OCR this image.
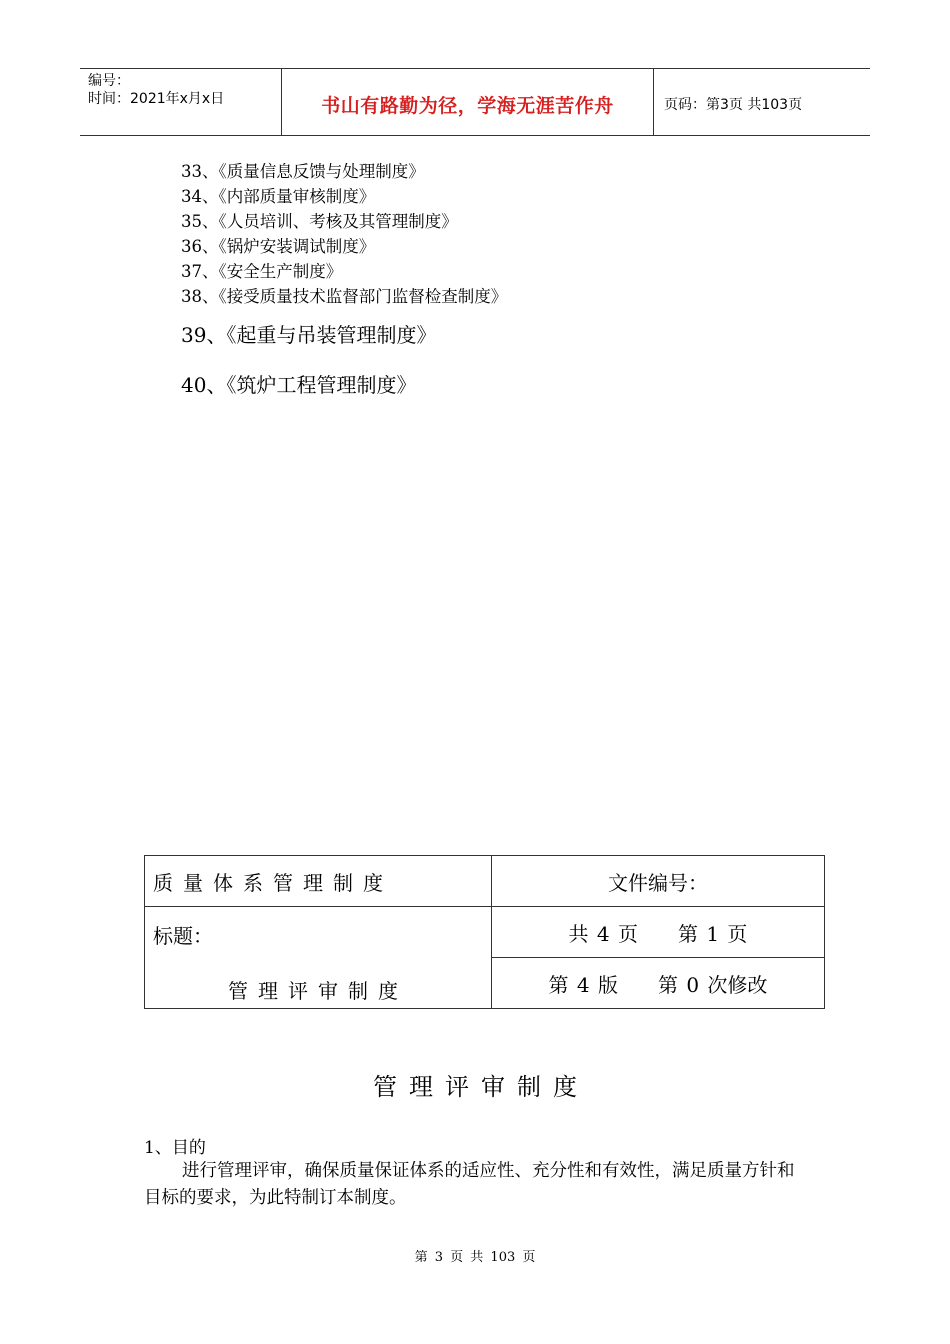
编号：
时间：2021年x月x日	书山有路勤为径，学海无涯苦作舟	页码：第3页 共103页
33、《质量信息反馈与处理制度》
34、《内部质量审核制度》
35、《人员培训、考核及其管理制度》
36、《锅炉安装调试制度》
37、《安全生产制度》
38、《接受质量技术监督部门监督检查制度》
39、《起重与吊装管理制度》
40、《筑炉工程管理制度》
质量体系管理制度	文件编号：

标题：
管理评审制度	共 4 页　　第 1 页
	第 4 版　　第 0 次修改
管理评审制度
1、目的
进行管理评审，确保质量保证体系的适应性、充分性和有效性，满足质量方针和目标的要求，为此特制订本制度。
第 3 页 共 103 页
